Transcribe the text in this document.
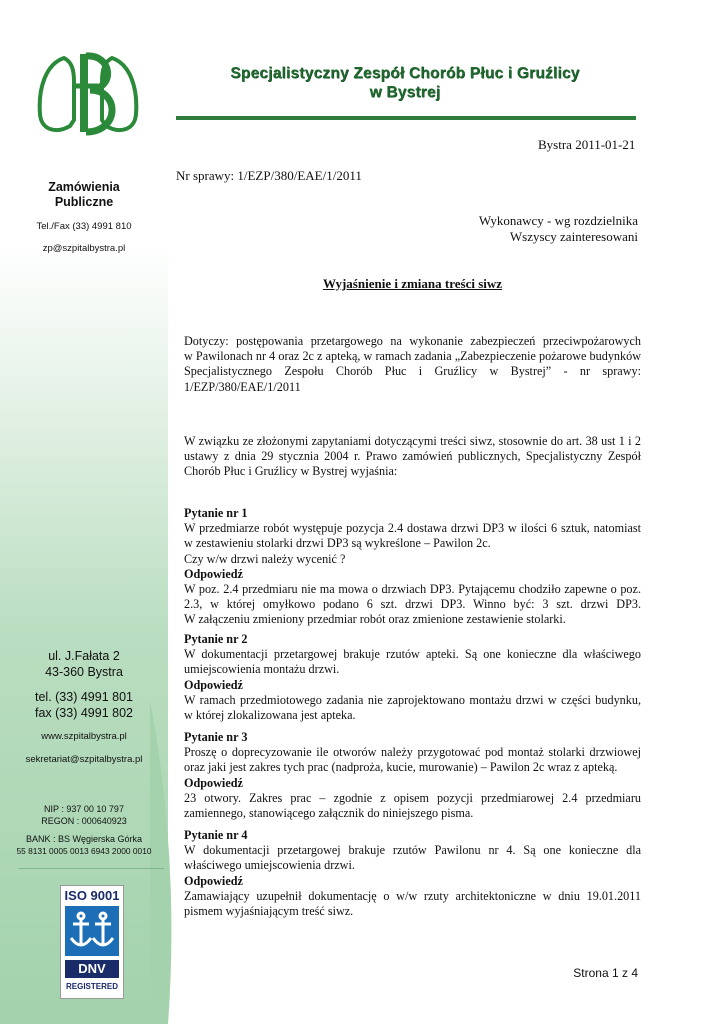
Zamówienia
Publiczne
Tel./Fax (33) 4991 810
zp@szpitalbystra.pl
ul. J.Fałata 2
43-360 Bystra
tel. (33) 4991 801
fax (33) 4991 802
www.szpitalbystra.pl
sekretariat@szpitalbystra.pl
NIP : 937 00 10 797
REGON : 000640923
BANK : BS Węgierska Górka
55 8131 0005 0013 6943 2000 0010
ISO 9001
DNV
REGISTERED
Specjalistyczny Zespół Chorób Płuc i Gruźlicy
w Bystrej
Bystra 2011-01-21
Nr sprawy: 1/EZP/380/EAE/1/2011
Wykonawcy - wg rozdzielnika
Wszyscy zainteresowani
Wyjaśnienie i zmiana treści siwz
Dotyczy: postępowania przetargowego na wykonanie zabezpieczeń przeciwpożarowych
w Pawilonach nr 4 oraz 2c z apteką, w ramach zadania „Zabezpieczenie pożarowe budynków
Specjalistycznego Zespołu Chorób Płuc i Gruźlicy w Bystrej” - nr sprawy:
1/EZP/380/EAE/1/2011
W związku ze złożonymi zapytaniami dotyczącymi treści siwz, stosownie do art. 38 ust 1 i 2
ustawy z dnia 29 stycznia 2004 r. Prawo zamówień publicznych, Specjalistyczny Zespół
Chorób Płuc i Gruźlicy w Bystrej wyjaśnia:
Pytanie nr 1
W przedmiarze robót występuje pozycja 2.4 dostawa drzwi DP3 w ilości 6 sztuk, natomiast
w zestawieniu stolarki drzwi DP3 są wykreślone – Pawilon 2c.
Czy w/w drzwi należy wycenić ?
Odpowiedź
W poz. 2.4 przedmiaru nie ma mowa o drzwiach DP3. Pytającemu chodziło zapewne o poz.
2.3, w której omyłkowo podano 6 szt. drzwi DP3. Winno być: 3 szt. drzwi DP3.
W załączeniu zmieniony przedmiar robót oraz zmienione zestawienie stolarki.
Pytanie nr 2
W dokumentacji przetargowej brakuje rzutów apteki. Są one konieczne dla właściwego
umiejscowienia montażu drzwi.
Odpowiedź
W ramach przedmiotowego zadania nie zaprojektowano montażu drzwi w części budynku,
w której zlokalizowana jest apteka.
Pytanie nr 3
Proszę o doprecyzowanie ile otworów należy przygotować pod montaż stolarki drzwiowej
oraz jaki jest zakres tych prac (nadproża, kucie, murowanie) – Pawilon 2c wraz z apteką.
Odpowiedź
23 otwory. Zakres prac – zgodnie z opisem pozycji przedmiarowej 2.4 przedmiaru
zamiennego, stanowiącego załącznik do niniejszego pisma.
Pytanie nr 4
W dokumentacji przetargowej brakuje rzutów Pawilonu nr 4. Są one konieczne dla
właściwego umiejscowienia drzwi.
Odpowiedź
Zamawiający uzupełnił dokumentację o w/w rzuty architektoniczne w dniu 19.01.2011
pismem wyjaśniającym treść siwz.
Strona 1 z 4
